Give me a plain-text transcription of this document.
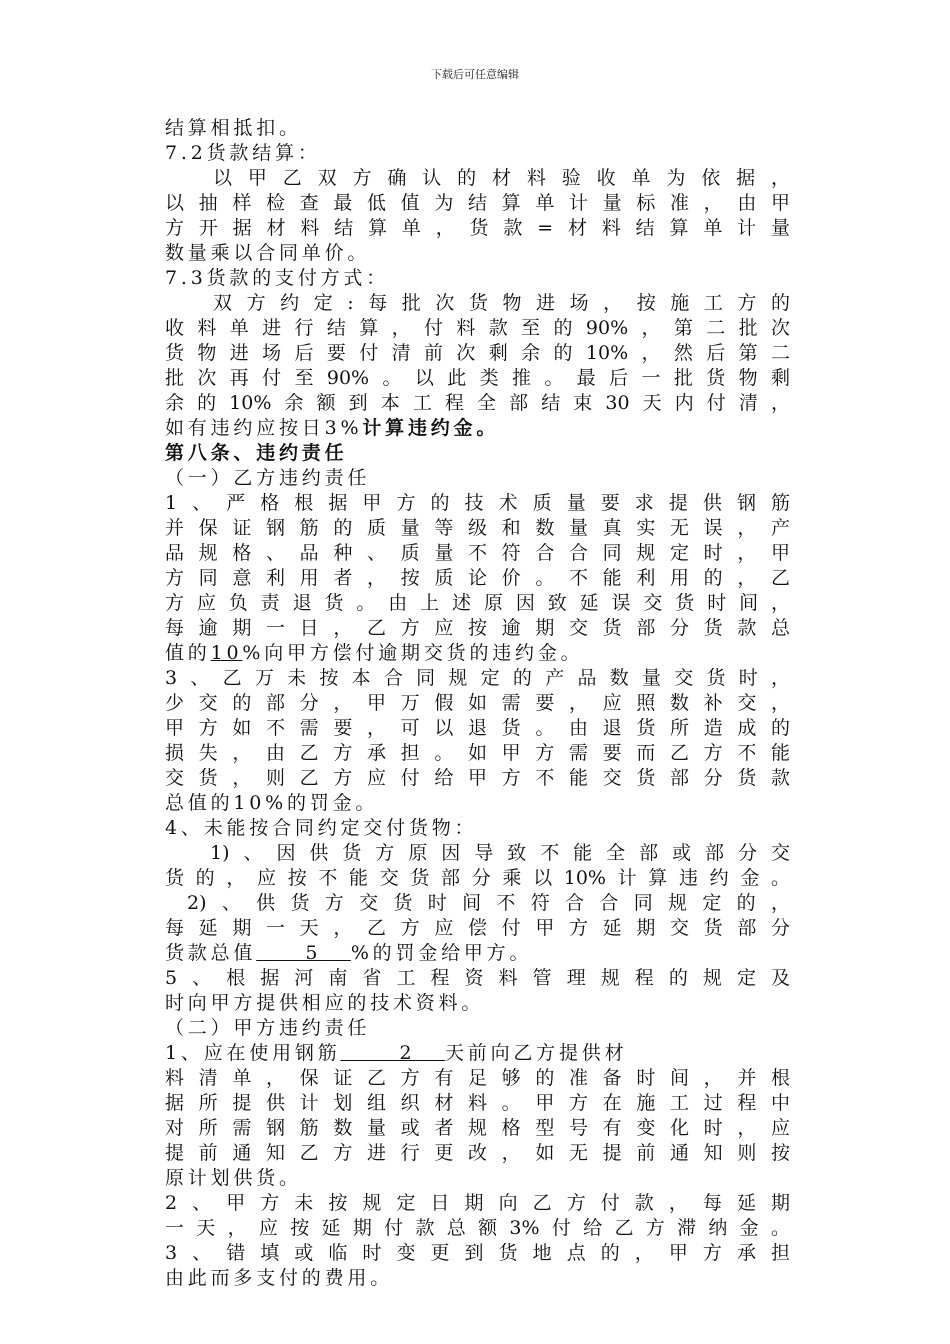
下载后可任意编辑
结算相抵扣。
7.2货款结算：
以甲乙双方确认的材料验收单为依据，
以抽样检查最低值为结算单计量标准，由甲
方开据材料结算单，货款=材料结算单计量
数量乘以合同单价。
7.3货款的支付方式：
双方约定:每批次货物进场，按施工方的
收料单进行结算，付料款至的90%，第二批次
货物进场后要付清前次剩余的10%，然后第二
批次再付至90%。以此类推。最后一批货物剩
余的10%余额到本工程全部结束30天内付清，
如有违约应按日3%计算违约金。
第八条、违约责任
（一）乙方违约责任
1、严格根据甲方的技术质量要求提供钢筋
并保证钢筋的质量等级和数量真实无误，产
品规格、品种、质量不符合合同规定时，甲
方同意利用者，按质论价。不能利用的，乙
方应负责退货。由上述原因致延误交货时间，
每逾期一日，乙方应按逾期交货部分货款总
值的10%向甲方偿付逾期交货的违约金。
3、乙万未按本合同规定的产品数量交货时，
少交的部分，甲万假如需要，应照数补交，
甲方如不需要，可以退货。由退货所造成的
损失，由乙方承担。如甲方需要而乙方不能
交货，则乙方应付给甲方不能交货部分货款
总值的10%的罚金。
4、未能按合同约定交付货物：
1)、因供货方原因导致不能全部或部分交
货的，应按不能交货部分乘以10%计算违约金。
2)、供货方交货时间不符合合同规定的，
每延期一天，乙方应偿付甲方延期交货部分
货款总值	5 %的罚金给甲方。
5、根据河南省工程资料管理规程的规定及
时向甲方提供相应的技术资料。
（二）甲方违约责任
1、应在使用钢筋	2 天前向乙方提供材
料清单，保证乙方有足够的准备时间，并根
据所提供计划组织材料。甲方在施工过程中
对所需钢筋数量或者规格型号有变化时，应
提前通知乙方进行更改，如无提前通知则按
原计划供货。
2、甲方未按规定日期向乙方付款，每延期
一天，应按延期付款总额3%付给乙方滞纳金。
3、错填或临时变更到货地点的，甲方承担
由此而多支付的费用。
